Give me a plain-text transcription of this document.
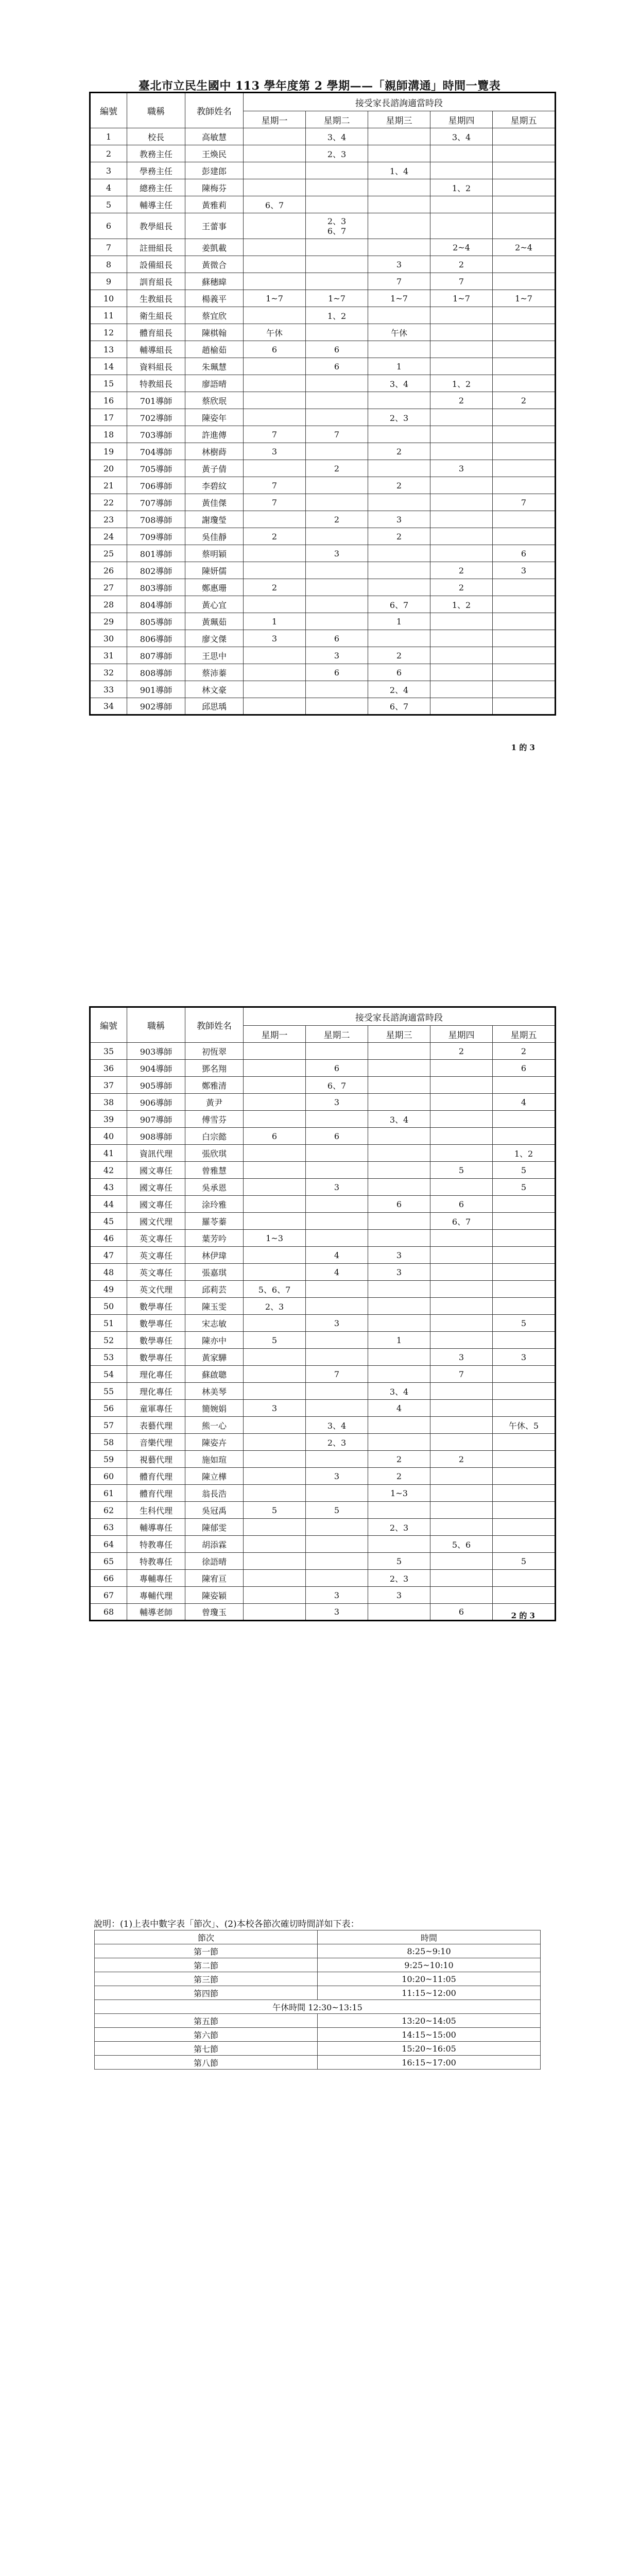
臺北市立民生國中 113 學年度第 2 學期——「親師溝通」時間一覽表
編號	職稱	教師姓名	接受家長諮詢適當時段				
			星期一	星期二	星期三	星期四	星期五
1	校長	高敏慧		3、4		3、4	
2	教務主任	王煥民		2、3			
3	學務主任	彭建郎			1、4		
4	總務主任	陳梅芬				1、2	
5	輔導主任	黃雅莉	6、7				
6	教學組長	王蕾事		2、3
6、7			
7	註冊組長	姜凱載				2~4	2~4
8	設備組長	黃微合			3	2	
9	訓育組長	蘇穗暐			7	7	
10	生教組長	楊義平	1~7	1~7	1~7	1~7	1~7
11	衛生組長	蔡宜欣		1、2			
12	體育組長	陳棋翰	午休		午休		
13	輔導組長	趙榆茹	6	6			
14	資料組長	朱珮慧		6	1		
15	特教組長	廖語晴			3、4	1、2	
16	701導師	蔡欣珉				2	2
17	702導師	陳姿年			2、3		
18	703導師	許進傳	7	7			
19	704導師	林樹蒔	3		2		
20	705導師	黃子倩		2		3	
21	706導師	李碧紋	7		2		
22	707導師	黃佳傑	7				7
23	708導師	謝瓊瑩		2	3		
24	709導師	吳佳靜	2		2		
25	801導師	蔡明穎		3			6
26	802導師	陳妍儒				2	3
27	803導師	鄭惠珊	2			2	
28	804導師	黃心宜			6、7	1、2	
29	805導師	黃珮茹	1		1		
30	806導師	廖文傑	3	6			
31	807導師	王思中		3	2		
32	808導師	蔡沛蓁		6	6		
33	901導師	林文豪			2、4		
34	902導師	邱思瑀			6、7		
1 的 3
編號	職稱	教師姓名	接受家長諮詢適當時段				
			星期一	星期二	星期三	星期四	星期五
35	903導師	初恆翠				2	2
36	904導師	鄧名翔		6			6
37	905導師	鄭雅清		6、7			
38	906導師	黃尹		3			4
39	907導師	傅雪芬			3、4		
40	908導師	白宗懿	6	6			
41	資訊代理	張欣琪					1、2
42	國文專任	曾雅慧				5	5
43	國文專任	吳承恩		3			5
44	國文專任	涂玲雅			6	6	
45	國文代理	羅苓蓁				6、7	
46	英文專任	葉芳吟	1~3				
47	英文專任	林伊瑋		4	3		
48	英文專任	張嘉琪		4	3		
49	英文代理	邱莉芸	5、6、7				
50	數學專任	陳玉雯	2、3				
51	數學專任	宋志敏		3			5
52	數學專任	陳亦中	5		1		
53	數學專任	黃家驊				3	3
54	理化專任	蘇啟聰		7		7	
55	理化專任	林美琴			3、4		
56	童軍專任	簡婉娟	3		4		
57	表藝代理	熊一心		3、4			午休、5
58	音樂代理	陳姿卉		2、3			
59	視藝代理	施如瑄			2	2	
60	體育代理	陳立樺		3	2		
61	體育代理	翁長浩			1~3		
62	生科代理	吳冠禹	5	5			
63	輔導專任	陳郁雯			2、3		
64	特教專任	胡添霖				5、6	
65	特教專任	徐語晴			5		5
66	專輔專任	陳宥亘			2、3		
67	專輔代理	陳姿穎		3	3		
68	輔導老師	曾瓊玉		3		6		2 的 3
說明：(1)上表中數字表「節次」、(2)本校各節次確切時間詳如下表：
節次	時間
第一節	8:25~9:10
第二節	9:25~10:10
第三節	10:20~11:05
第四節	11:15~12:00
午休時間 12:30~13:15	
第五節	13:20~14:05
第六節	14:15~15:00
第七節	15:20~16:05
第八節	16:15~17:00
